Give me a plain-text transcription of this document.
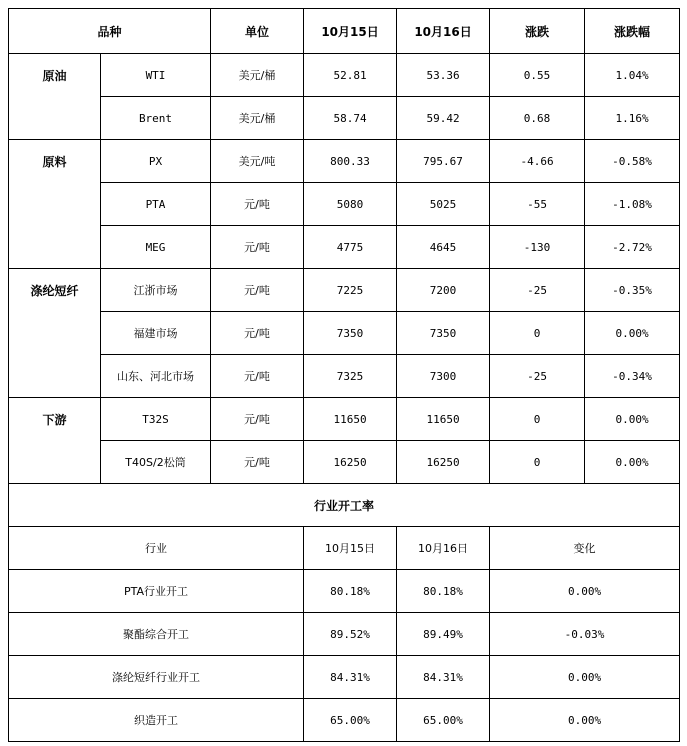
品种		单位	10月15日	10月16日	涨跌	涨跌幅
原油	WTI	美元/桶	52.81	53.36	0.55	1.04%
	Brent	美元/桶	58.74	59.42	0.68	1.16%
原料	PX	美元/吨	800.33	795.67	-4.66	-0.58%
	PTA	元/吨	5080	5025	-55	-1.08%
	MEG	元/吨	4775	4645	-130	-2.72%
涤纶短纤	江浙市场	元/吨	7225	7200	-25	-0.35%
	福建市场	元/吨	7350	7350	0	0.00%
	山东、河北市场	元/吨	7325	7300	-25	-0.34%
下游	T32S	元/吨	11650	11650	0	0.00%
	T40S/2松筒	元/吨	16250	16250	0	0.00%
行业开工率						
行业			10月15日	10月16日	变化	
PTA行业开工			80.18%	80.18%	0.00%	
聚酯综合开工			89.52%	89.49%	-0.03%	
涤纶短纤行业开工			84.31%	84.31%	0.00%	
织造开工			65.00%	65.00%	0.00%	
